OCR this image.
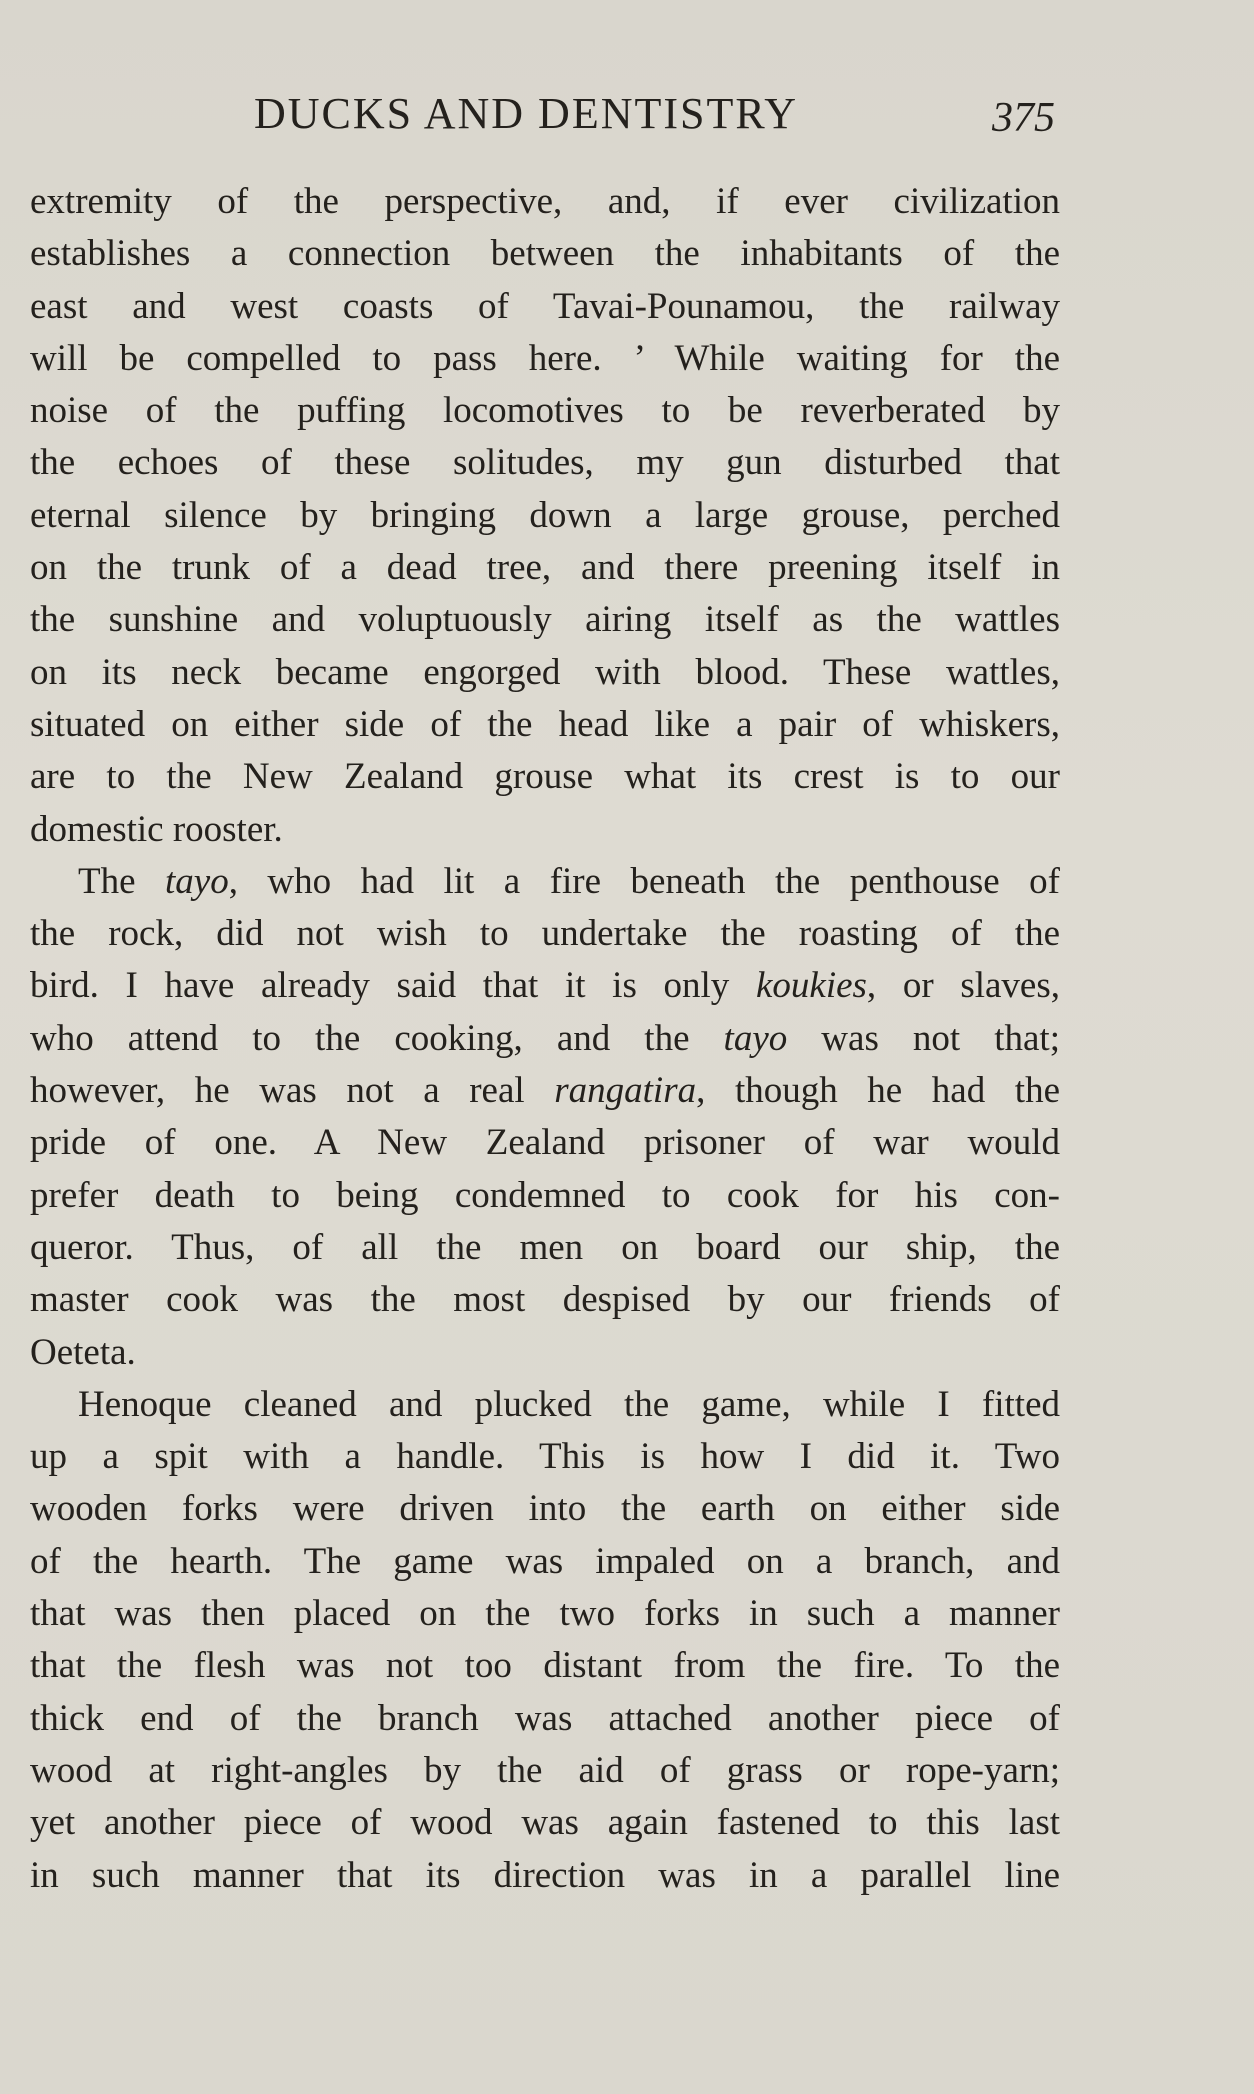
DUCKS AND DENTISTRY	375
extremity of the perspective, and, if ever civilization
establishes a connection between the inhabitants of the
east and west coasts of Tavai-Pounamou, the railway
will be compelled to pass here. ’ While waiting for the
noise of the puffing locomotives to be reverberated by
the echoes of these solitudes, my gun disturbed that
eternal silence by bringing down a large grouse, perched
on the trunk of a dead tree, and there preening itself in
the sunshine and voluptuously airing itself as the wattles
on its neck became engorged with blood. These wattles,
situated on either side of the head like a pair of whiskers,
are to the New Zealand grouse what its crest is to our
domestic rooster.
The tayo, who had lit a fire beneath the penthouse of
the rock, did not wish to undertake the roasting of the
bird. I have already said that it is only koukies, or slaves,
who attend to the cooking, and the tayo was not that;
however, he was not a real rangatira, though he had the
pride of one. A New Zealand prisoner of war would
prefer death to being condemned to cook for his con-
queror. Thus, of all the men on board our ship, the
master cook was the most despised by our friends of
Oeteta.
Henoque cleaned and plucked the game, while I fitted
up a spit with a handle. This is how I did it. Two
wooden forks were driven into the earth on either side
of the hearth. The game was impaled on a branch, and
that was then placed on the two forks in such a manner
that the flesh was not too distant from the fire. To the
thick end of the branch was attached another piece of
wood at right-angles by the aid of grass or rope-yarn;
yet another piece of wood was again fastened to this last
in such manner that its direction was in a parallel line
